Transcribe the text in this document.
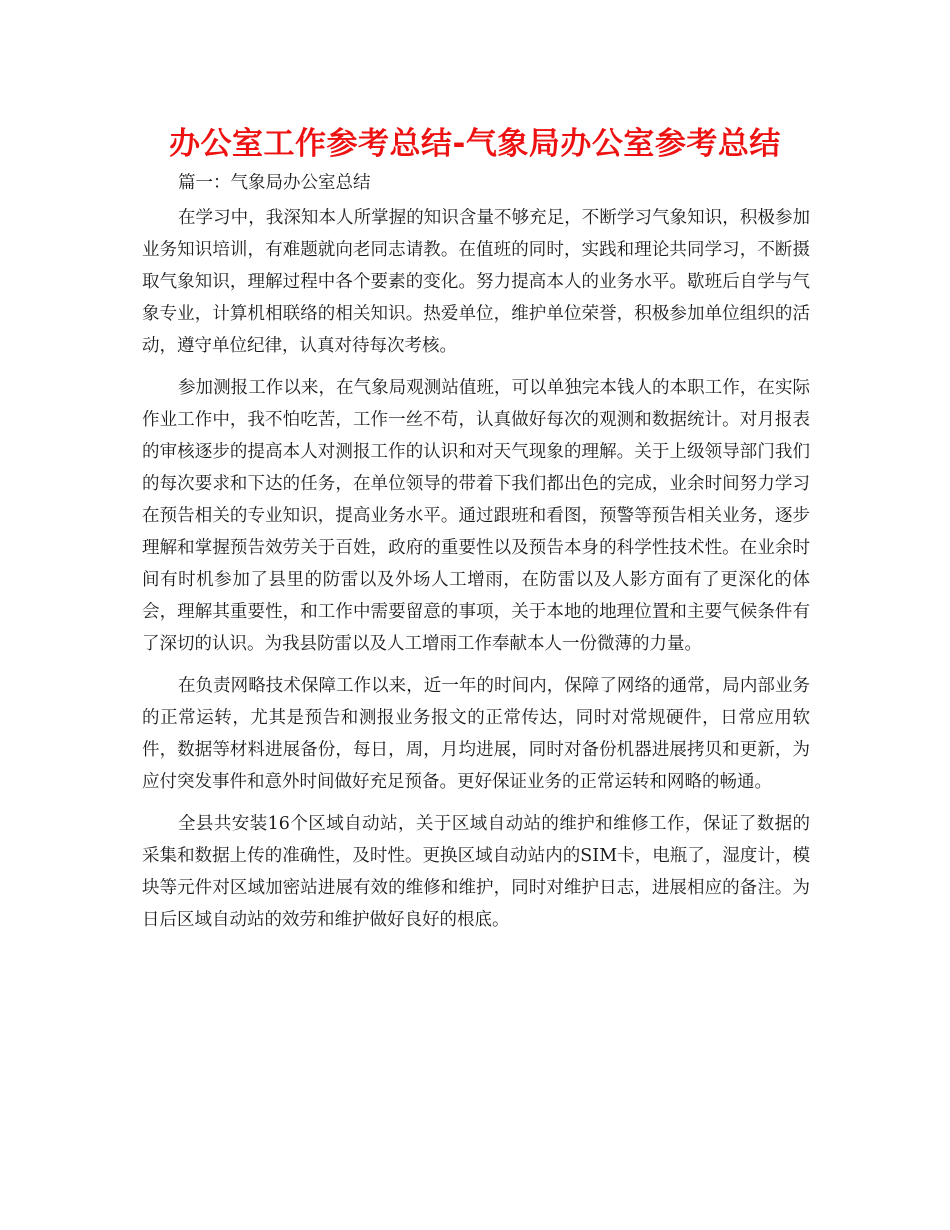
办公室工作参考总结-气象局办公室参考总结

篇一：气象局办公室总结

在学习中，我深知本人所掌握的知识含量不够充足，不断学习气象知识，积极参加业务知识培训，有难题就向老同志请教。在值班的同时，实践和理论共同学习，不断摄取气象知识，理解过程中各个要素的变化。努力提高本人的业务水平。歇班后自学与气象专业，计算机相联络的相关知识。热爱单位，维护单位荣誉，积极参加单位组织的活动，遵守单位纪律，认真对待每次考核。

参加测报工作以来，在气象局观测站值班，可以单独完本钱人的本职工作，在实际作业工作中，我不怕吃苦，工作一丝不苟，认真做好每次的观测和数据统计。对月报表的审核逐步的提高本人对测报工作的认识和对天气现象的理解。关于上级领导部门我们的每次要求和下达的任务，在单位领导的带着下我们都出色的完成，业余时间努力学习在预告相关的专业知识，提高业务水平。通过跟班和看图，预警等预告相关业务，逐步理解和掌握预告效劳关于百姓，政府的重要性以及预告本身的科学性技术性。在业余时间有时机参加了县里的防雷以及外场人工增雨，在防雷以及人影方面有了更深化的体会，理解其重要性，和工作中需要留意的事项，关于本地的地理位置和主要气候条件有了深切的认识。为我县防雷以及人工增雨工作奉献本人一份微薄的力量。

在负责网略技术保障工作以来，近一年的时间内，保障了网络的通常，局内部业务的正常运转，尤其是预告和测报业务报文的正常传达，同时对常规硬件，日常应用软件，数据等材料进展备份，每日，周，月均进展，同时对备份机器进展拷贝和更新，为应付突发事件和意外时间做好充足预备。更好保证业务的正常运转和网略的畅通。

全县共安装16个区域自动站，关于区域自动站的维护和维修工作，保证了数据的采集和数据上传的准确性，及时性。更换区域自动站内的SIM卡，电瓶了，湿度计，模块等元件对区域加密站进展有效的维修和维护，同时对维护日志，进展相应的备注。为日后区域自动站的效劳和维护做好良好的根底。
